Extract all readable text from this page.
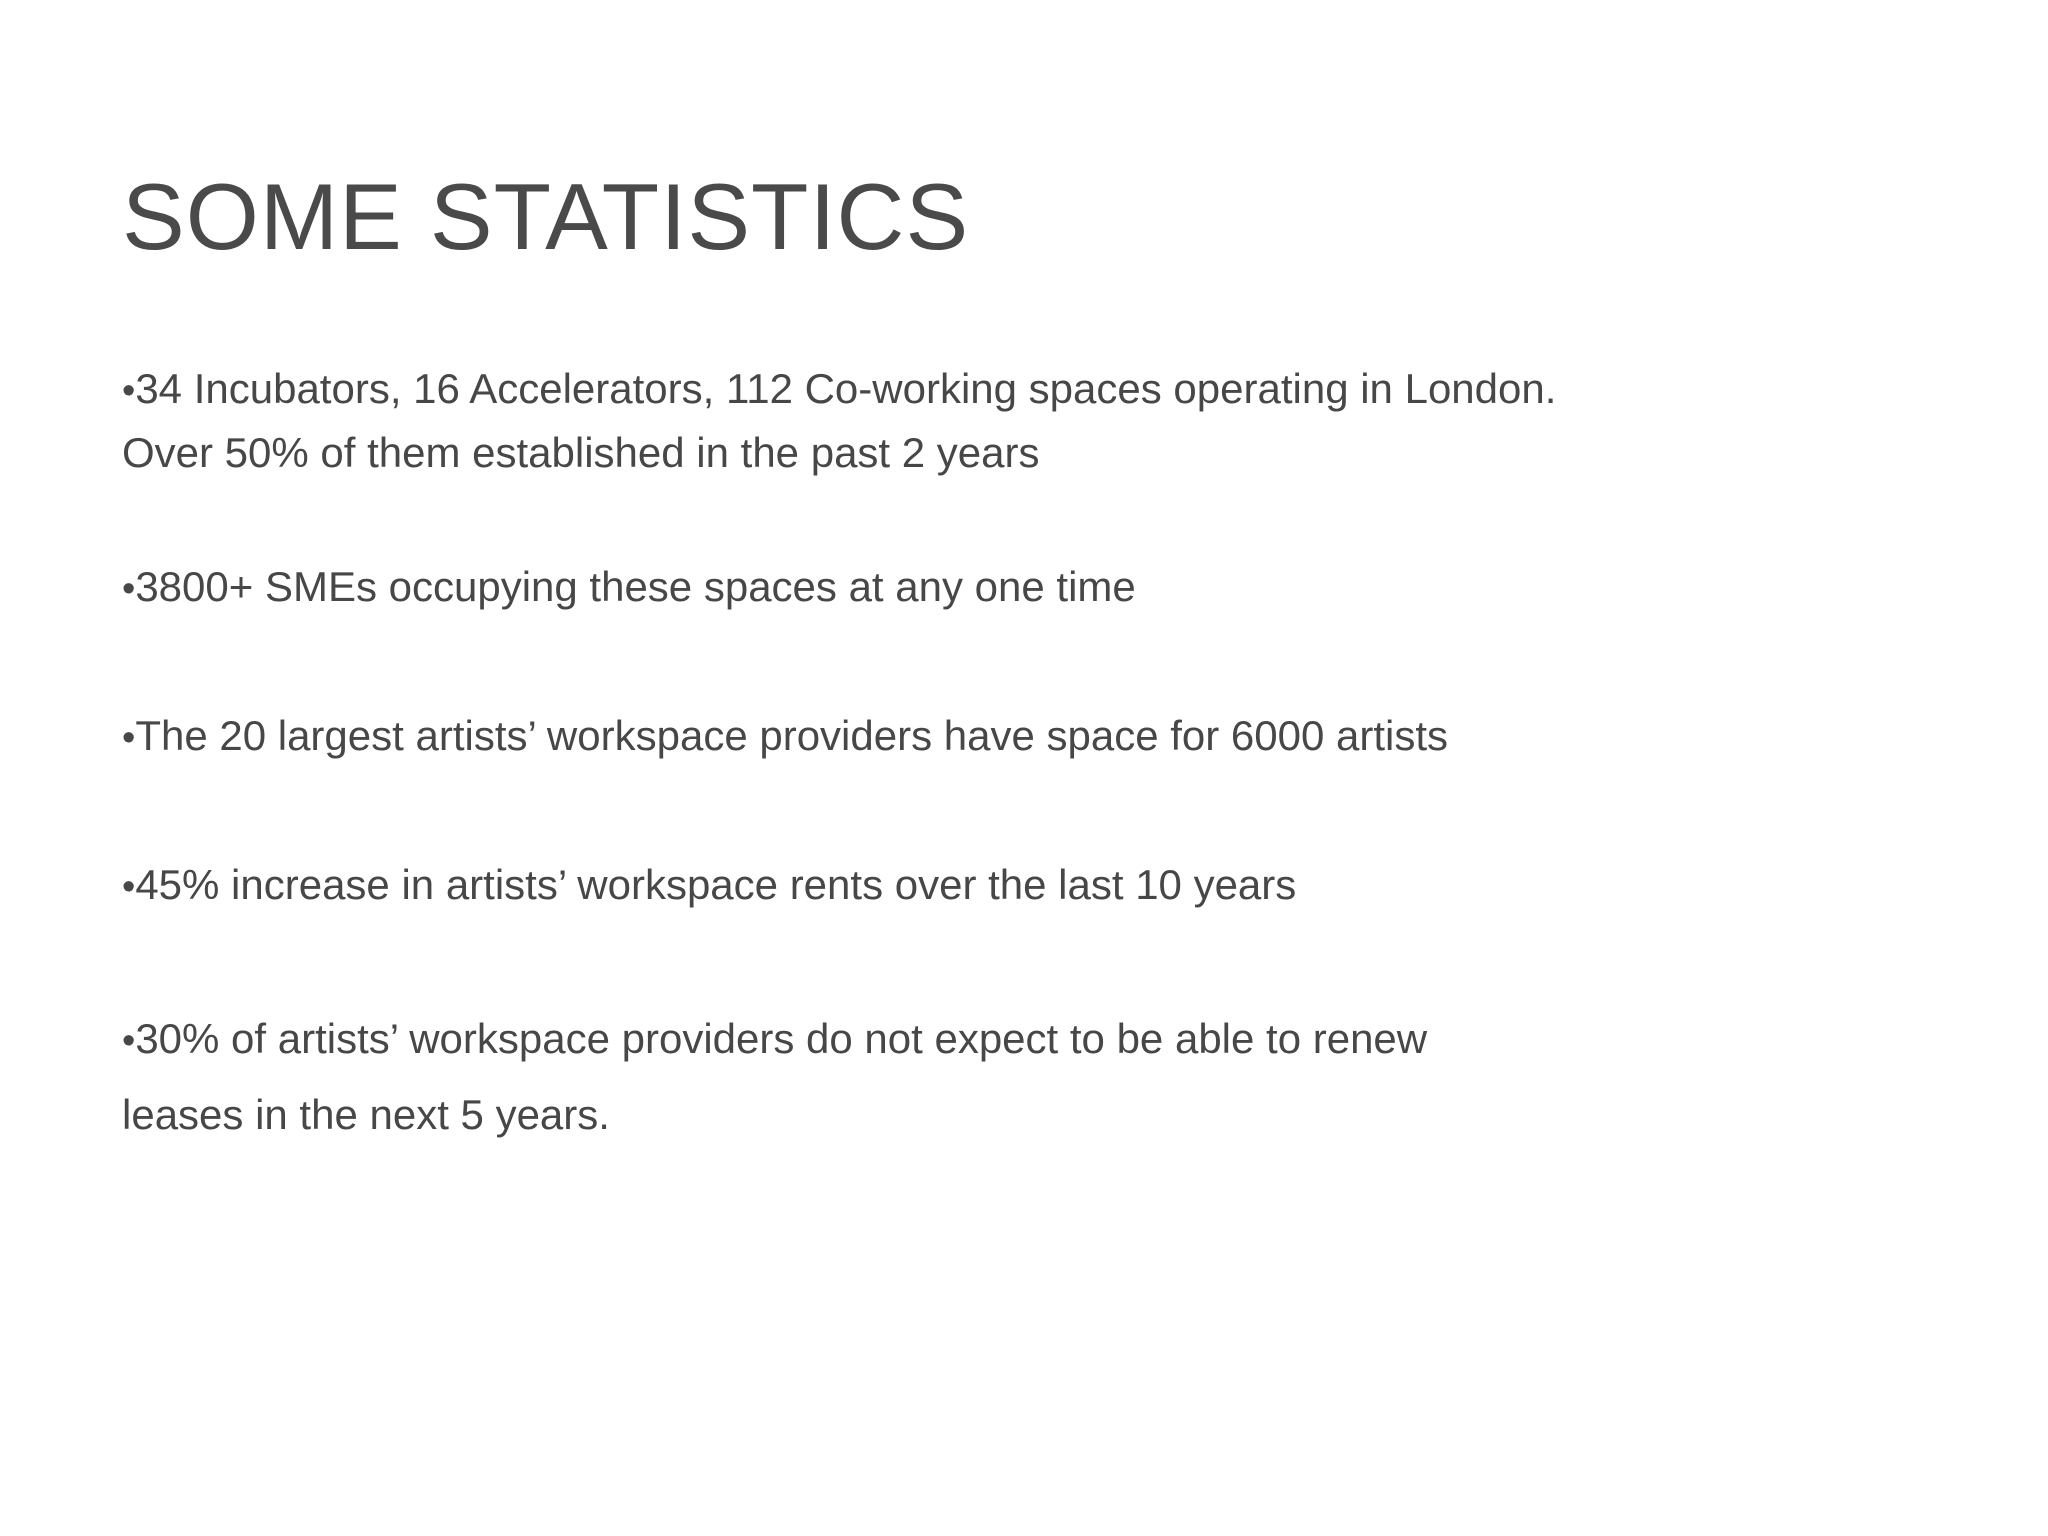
SOME STATISTICS
•34 Incubators, 16 Accelerators, 112 Co-working spaces operating in London.
Over 50% of them established in the past 2 years
•3800+ SMEs occupying these spaces at any one time
•The 20 largest artists’ workspace providers have space for 6000 artists
•45% increase in artists’ workspace rents over the last 10 years
•30% of artists’ workspace providers do not expect to be able to renew
leases in the next 5 years.
